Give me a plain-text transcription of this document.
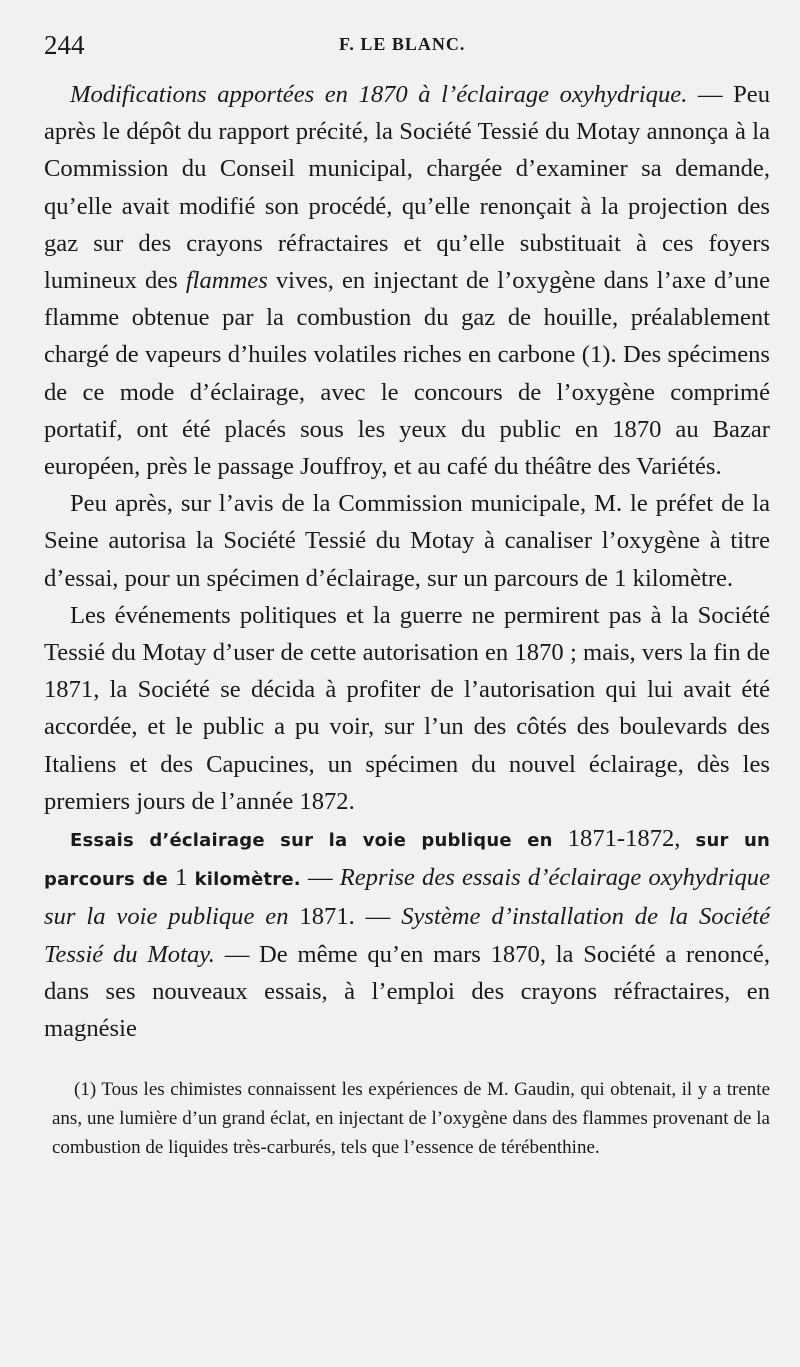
244	F. LE BLANC.

Modifications apportées en 1870 à l’éclairage oxyhydrique. — Peu après le dépôt du rapport précité, la Société Tessié du Motay annonça à la Commission du Conseil municipal, chargée d’examiner sa demande, qu’elle avait modifié son procédé, qu’elle renonçait à la projection des gaz sur des crayons réfractaires et qu’elle substituait à ces foyers lumineux des flammes vives, en injectant de l’oxygène dans l’axe d’une flamme obtenue par la combustion du gaz de houille, préalablement chargé de vapeurs d’huiles volatiles riches en carbone (1). Des spécimens de ce mode d’éclairage, avec le concours de l’oxygène comprimé portatif, ont été placés sous les yeux du public en 1870 au Bazar européen, près le passage Jouffroy, et au café du théâtre des Variétés.

Peu après, sur l’avis de la Commission municipale, M. le préfet de la Seine autorisa la Société Tessié du Motay à canaliser l’oxygène à titre d’essai, pour un spécimen d’éclairage, sur un parcours de 1 kilomètre.

Les événements politiques et la guerre ne permirent pas à la Société Tessié du Motay d’user de cette autorisation en 1870 ; mais, vers la fin de 1871, la Société se décida à profiter de l’autorisation qui lui avait été accordée, et le public a pu voir, sur l’un des côtés des boulevards des Italiens et des Capucines, un spécimen du nouvel éclairage, dès les premiers jours de l’année 1872.

Essais d’éclairage sur la voie publique en 1871-1872, sur un parcours de 1 kilomètre. — Reprise des essais d’éclairage oxyhydrique sur la voie publique en 1871. — Système d’installation de la Société Tessié du Motay. — De même qu’en mars 1870, la Société a renoncé, dans ses nouveaux essais, à l’emploi des crayons réfractaires, en magnésie

(1) Tous les chimistes connaissent les expériences de M. Gaudin, qui obtenait, il y a trente ans, une lumière d’un grand éclat, en injectant de l’oxygène dans des flammes provenant de la combustion de liquides très-carburés, tels que l’essence de térébenthine.
